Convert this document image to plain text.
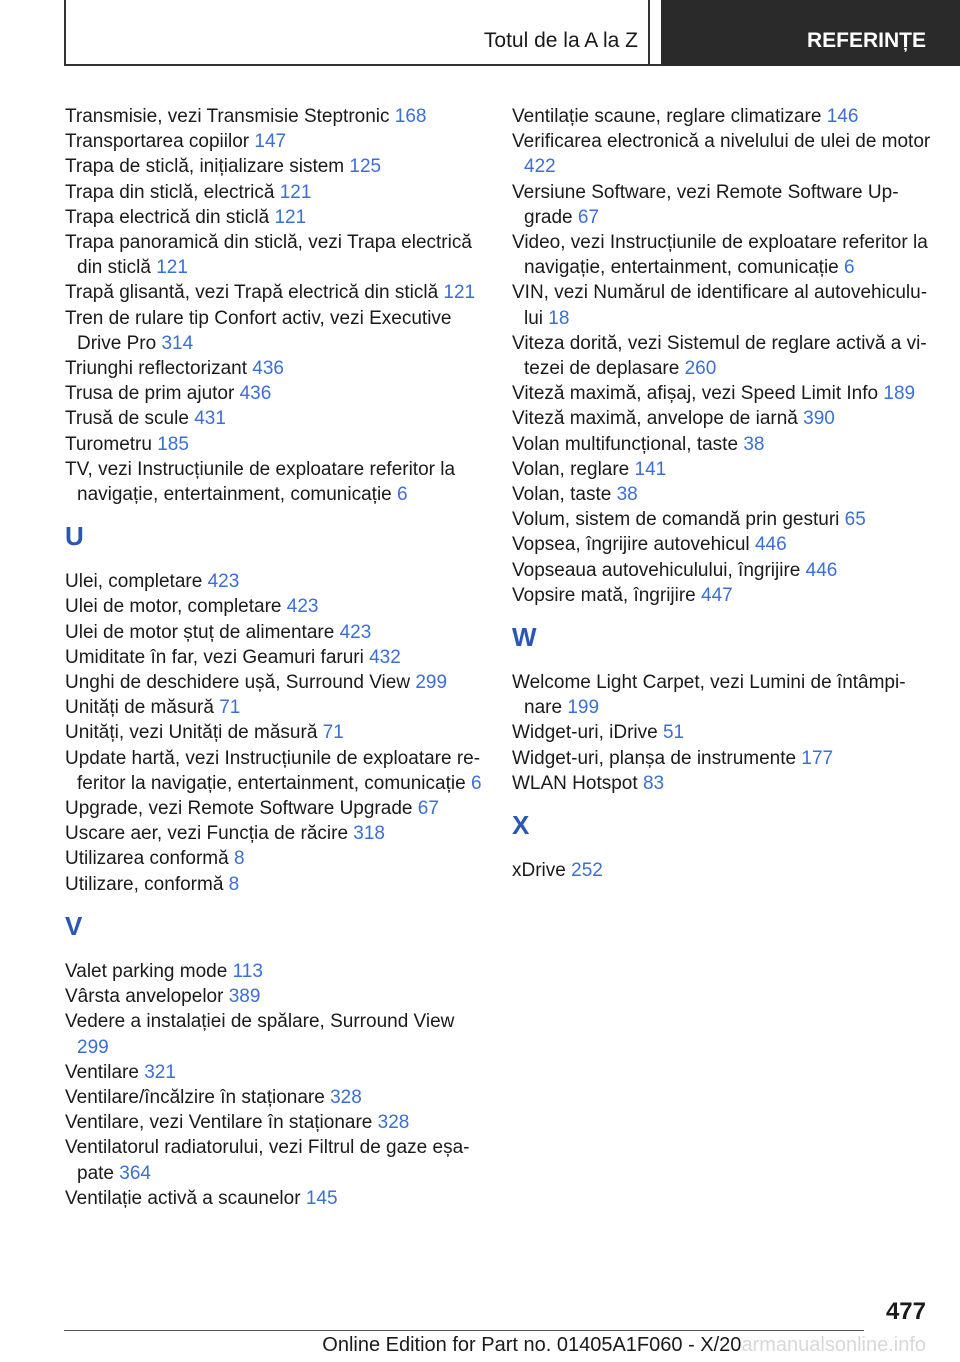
Totul de la A la Z	REFERINȚE
Transmisie, vezi Transmisie Steptronic 168
Transportarea copiilor 147
Trapa de sticlă, inițializare sistem 125
Trapa din sticlă, electrică 121
Trapa electrică din sticlă 121
Trapa panoramică din sticlă, vezi Trapa electrică din sticlă 121
Trapă glisantă, vezi Trapă electrică din sticlă 121
Tren de rulare tip Confort activ, vezi Executive Drive Pro 314
Triunghi reflectorizant 436
Trusa de prim ajutor 436
Trusă de scule 431
Turometru 185
TV, vezi Instrucțiunile de exploatare referitor la navigație, entertainment, comunicație 6
U
Ulei, completare 423
Ulei de motor, completare 423
Ulei de motor ștuț de alimentare 423
Umiditate în far, vezi Geamuri faruri 432
Unghi de deschidere ușă, Surround View 299
Unități de măsură 71
Unități, vezi Unități de măsură 71
Update hartă, vezi Instrucțiunile de exploatare referitor la navigație, entertainment, comunicație 6
Upgrade, vezi Remote Software Upgrade 67
Uscare aer, vezi Funcția de răcire 318
Utilizarea conformă 8
Utilizare, conformă 8
V
Valet parking mode 113
Vârsta anvelopelor 389
Vedere a instalației de spălare, Surround View 299
Ventilare 321
Ventilare/încălzire în staționare 328
Ventilare, vezi Ventilare în staționare 328
Ventilatorul radiatorului, vezi Filtrul de gaze eșapate 364
Ventilație activă a scaunelor 145
Ventilație scaune, reglare climatizare 146
Verificarea electronică a nivelului de ulei de motor 422
Versiune Software, vezi Remote Software Upgrade 67
Video, vezi Instrucțiunile de exploatare referitor la navigație, entertainment, comunicație 6
VIN, vezi Numărul de identificare al autovehiculului 18
Viteza dorită, vezi Sistemul de reglare activă a vitezei de deplasare 260
Viteză maximă, afișaj, vezi Speed Limit Info 189
Viteză maximă, anvelope de iarnă 390
Volan multifuncțional, taste 38
Volan, reglare 141
Volan, taste 38
Volum, sistem de comandă prin gesturi 65
Vopsea, îngrijire autovehicul 446
Vopseaua autovehiculului, îngrijire 446
Vopsire mată, îngrijire 447
W
Welcome Light Carpet, vezi Lumini de întâmpinare 199
Widget-uri, iDrive 51
Widget-uri, planșa de instrumente 177
WLAN Hotspot 83
X
xDrive 252
477
Online Edition for Part no. 01405A1F060 - X/20armanualsonline.info
